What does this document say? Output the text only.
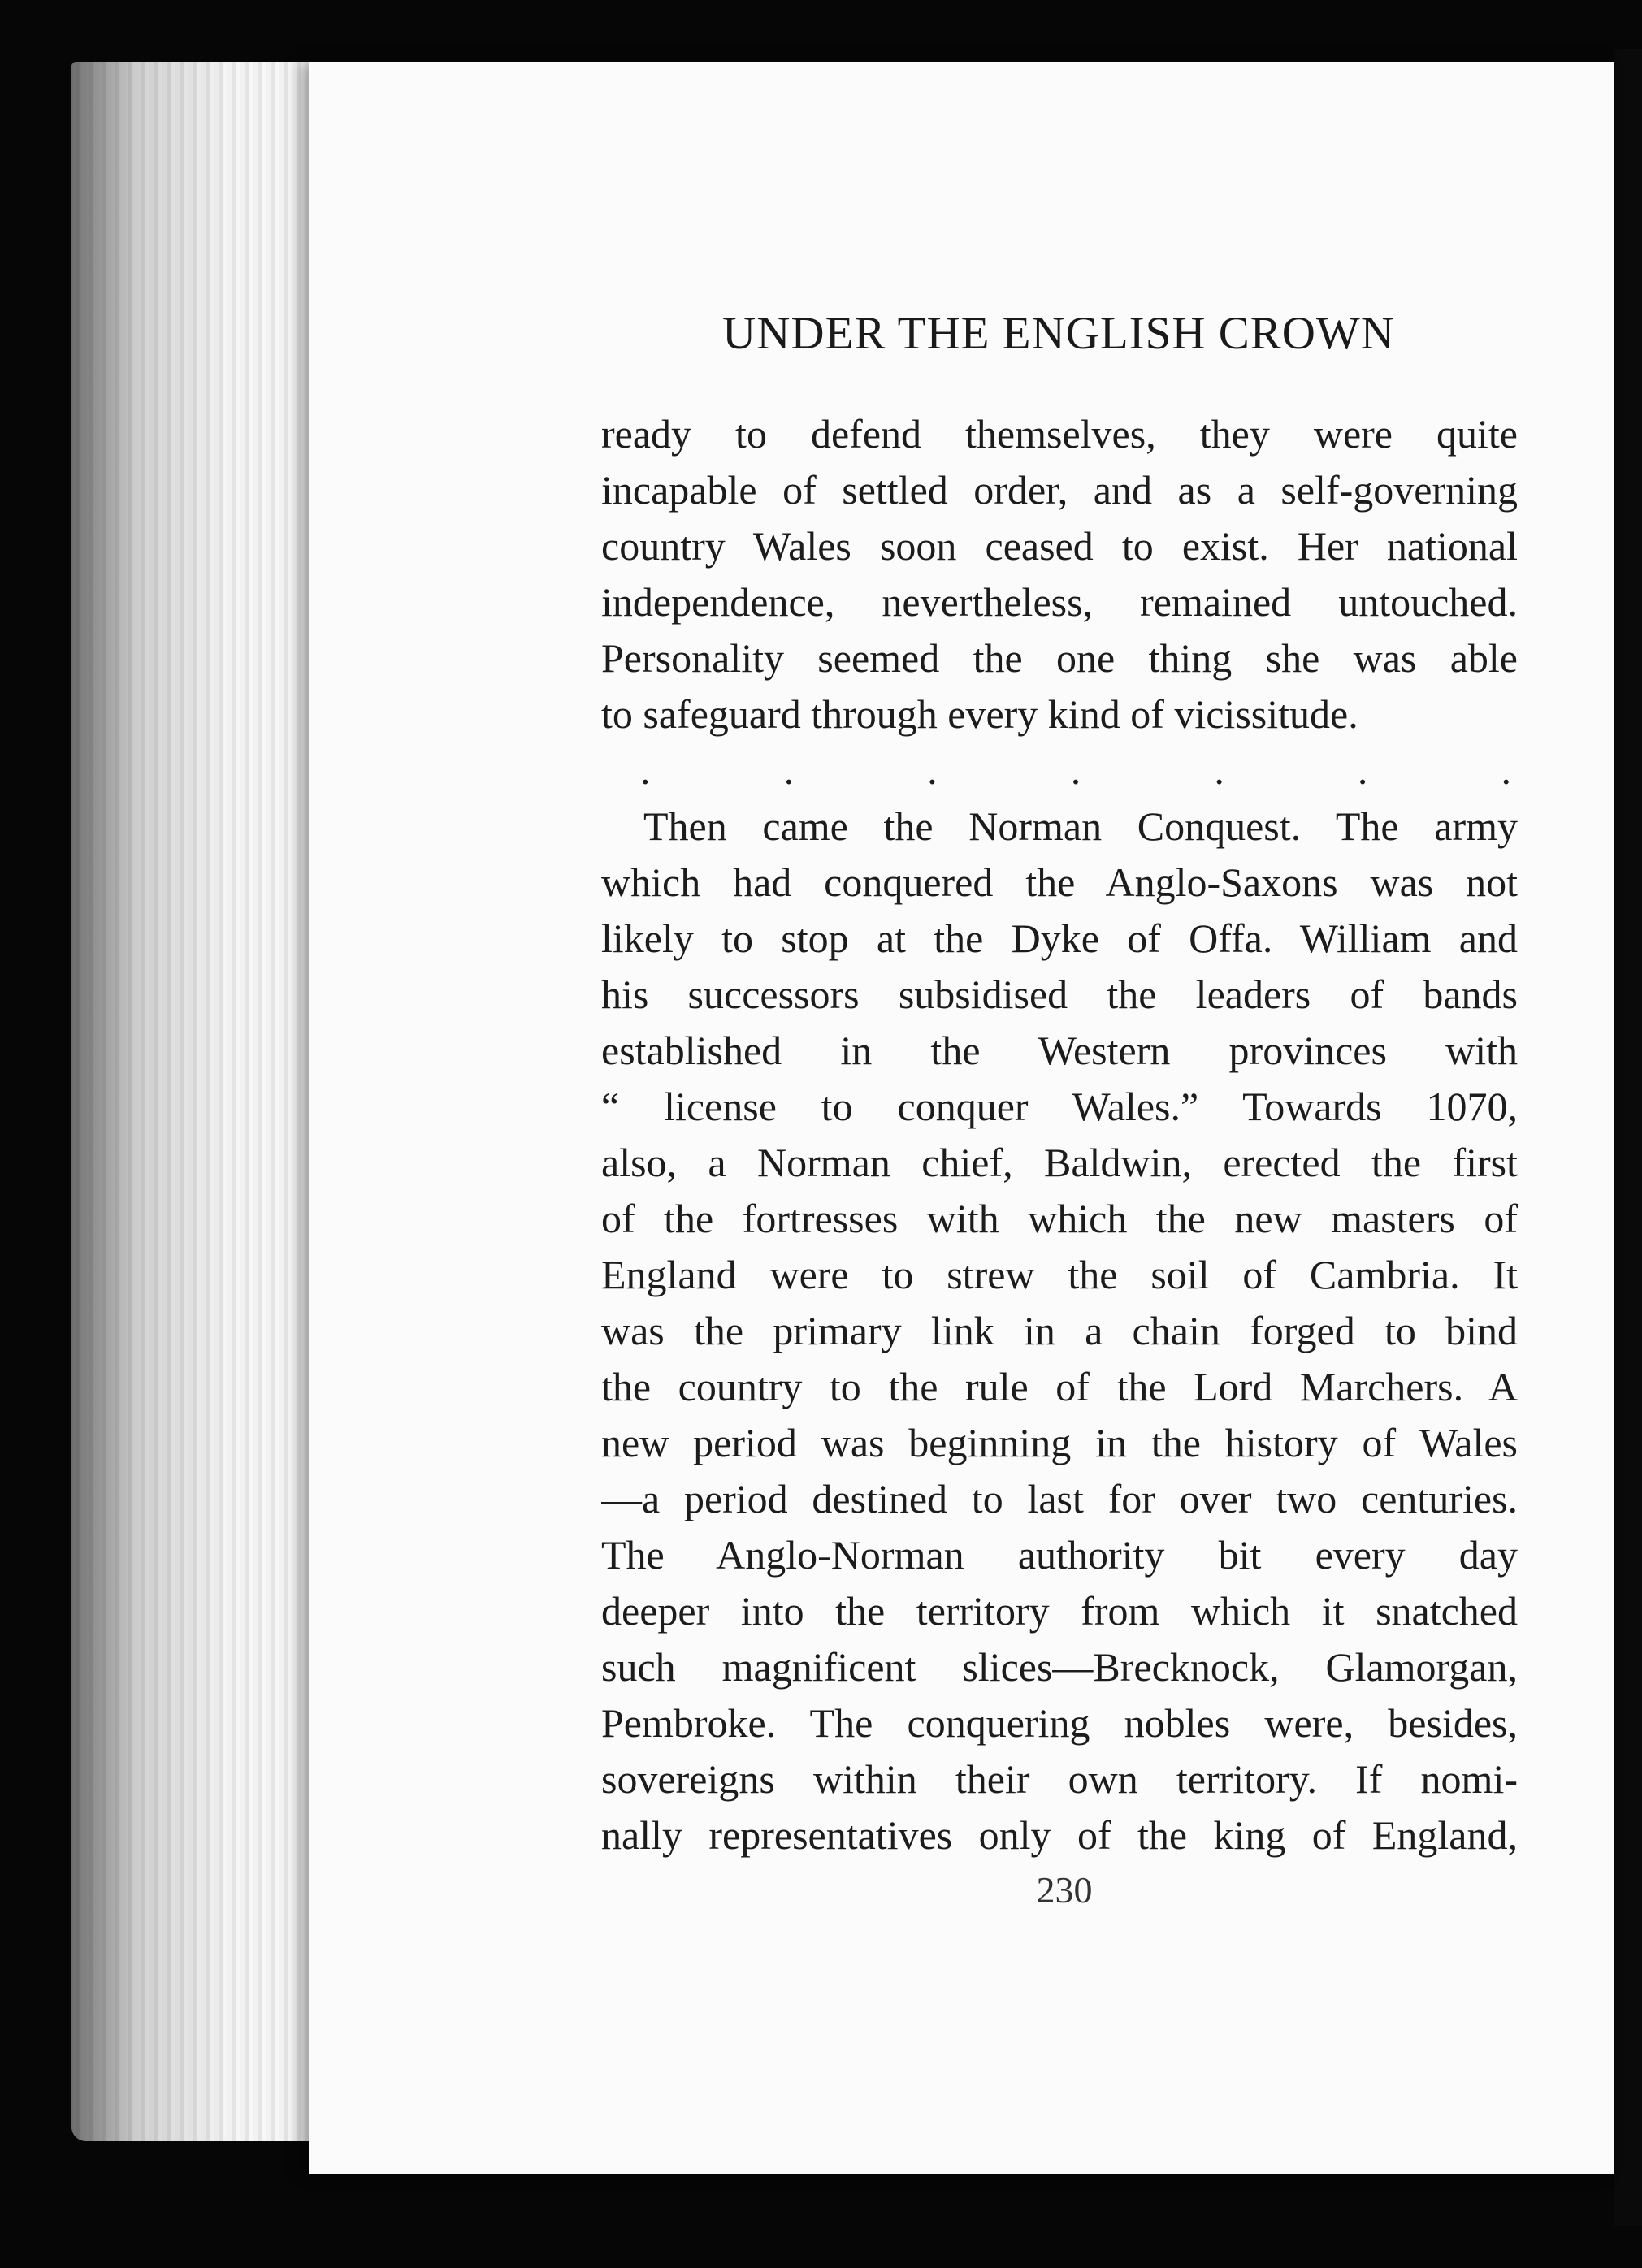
UNDER THE ENGLISH CROWN
ready to defend themselves, they were quite
incapable of settled order, and as a self-governing
country Wales soon ceased to exist. Her national
independence, nevertheless, remained untouched.
Personality seemed the one thing she was able
to safeguard through every kind of vicissitude.
.	.	.	.	.	.	.
Then came the Norman Conquest. The army
which had conquered the Anglo-Saxons was not
likely to stop at the Dyke of Offa. William and
his successors subsidised the leaders of bands
established in the Western provinces with
“ license to conquer Wales.” Towards 1070,
also, a Norman chief, Baldwin, erected the first
of the fortresses with which the new masters of
England were to strew the soil of Cambria. It
was the primary link in a chain forged to bind
the country to the rule of the Lord Marchers. A
new period was beginning in the history of Wales
—a period destined to last for over two centuries.
The Anglo-Norman authority bit every day
deeper into the territory from which it snatched
such magnificent slices—Brecknock, Glamorgan,
Pembroke. The conquering nobles were, besides,
sovereigns within their own territory. If nomi-
nally representatives only of the king of England,
230
